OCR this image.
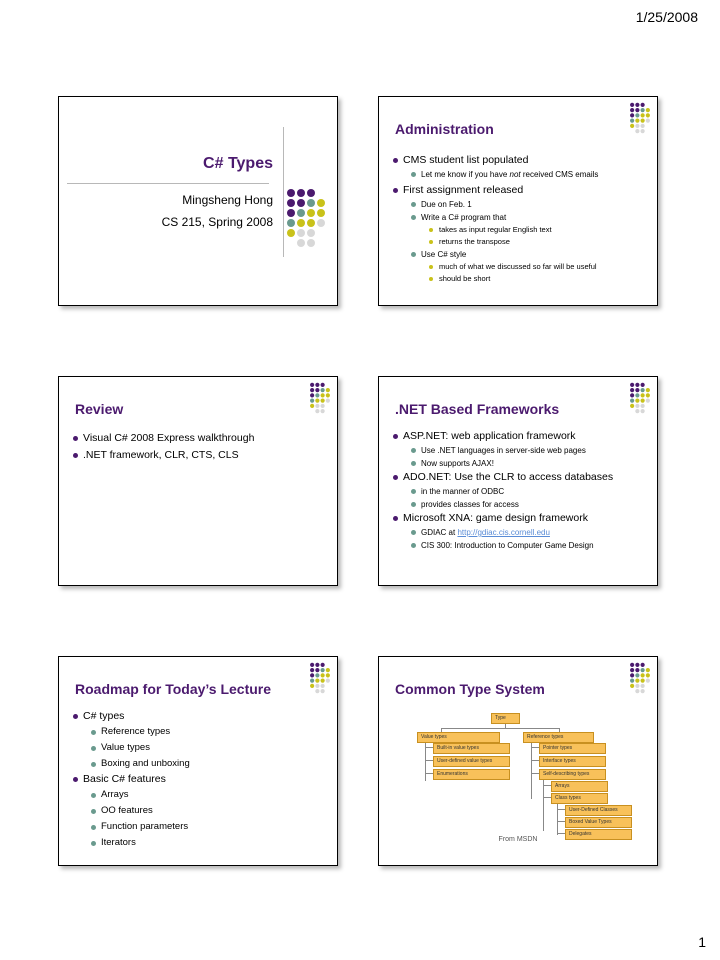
1/25/2008
C# Types
Mingsheng Hong
CS 215, Spring 2008
Administration
CMS student list populated
Let me know if you have not received CMS emails
First assignment released
Due on Feb. 1
Write a C# program that
takes as input regular English text
returns the transpose
Use C# style
much of what we discussed so far will be useful
should be short
Review
Visual C# 2008 Express walkthrough
.NET framework, CLR, CTS, CLS
.NET Based Frameworks
ASP.NET: web application framework
Use .NET languages in server-side web pages
Now supports AJAX!
ADO.NET: Use the CLR to access databases
in the manner of ODBC
provides classes for access
Microsoft XNA: game design framework
GDIAC at http://gdiac.cis.cornell.edu
CIS 300: Introduction to Computer Game Design
Roadmap for Today’s Lecture
C# types
Reference types
Value types
Boxing and unboxing
Basic C# features
Arrays
OO features
Function parameters
Iterators
Common Type System
Type
Value types	Reference types
Built-in value types
User-defined value types
Enumerations
Pointer types
Interface types
Self-describing types
Arrays
Class types
User-Defined Classes
Boxed Value Types
Delegates
From MSDN
1
